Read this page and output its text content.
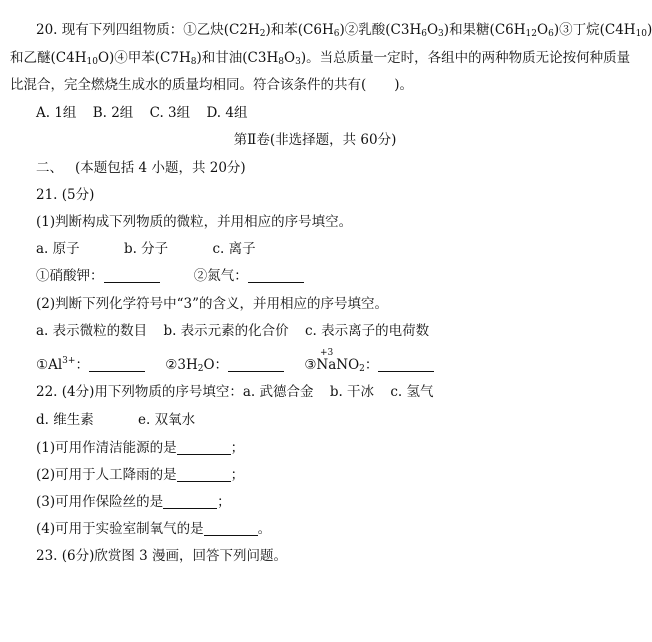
20. 现有下列四组物质：①乙炔$(C2H_2)$和苯$(C6H_6)②$乳酸$(C3H_6O_3)$和果糖$(C6H_{12}O_6)③$丁烷$(C4H_{10})$
和乙醚$(C4H_{10}O)④$甲苯$(C7H_8)$和甘油$(C3H_8O_3)$。当总质量一定时，各组中的两种物质无论按何种质量
比混合，完全燃烧生成水的质量均相同。符合该条件的共有( )。
A. 1组 B. 2组 C. 3组 D. 4组
第Ⅱ卷(非选择题，共 60分)
二、 (本题包括 4 小题，共 20分)
21. (5分)
(1)判断构成下列物质的微粒，并用相应的序号填空。
a. 原子	b. 分子	c. 离子
①硝酸钾：	②氮气：
(2)判断下列化学符号中“3”的含义，并用相应的序号填空。
a. 表示微粒的数目 b. 表示元素的化合价 c. 表示离子的电荷数
$①Al^{3+}$：	$②3H_2O$：	③NaNO$_2$：
+3
22. (4分)用下列物质的序号填空：a. 武德合金 b. 干冰 c. 氢气
d. 维生素	e. 双氧水
(1)可用作清洁能源的是	；
(2)可用于人工降雨的是	；
(3)可用作保险丝的是	；
(4)可用于实验室制氧气的是	。
23. (6分)欣赏图 3 漫画，回答下列问题。
